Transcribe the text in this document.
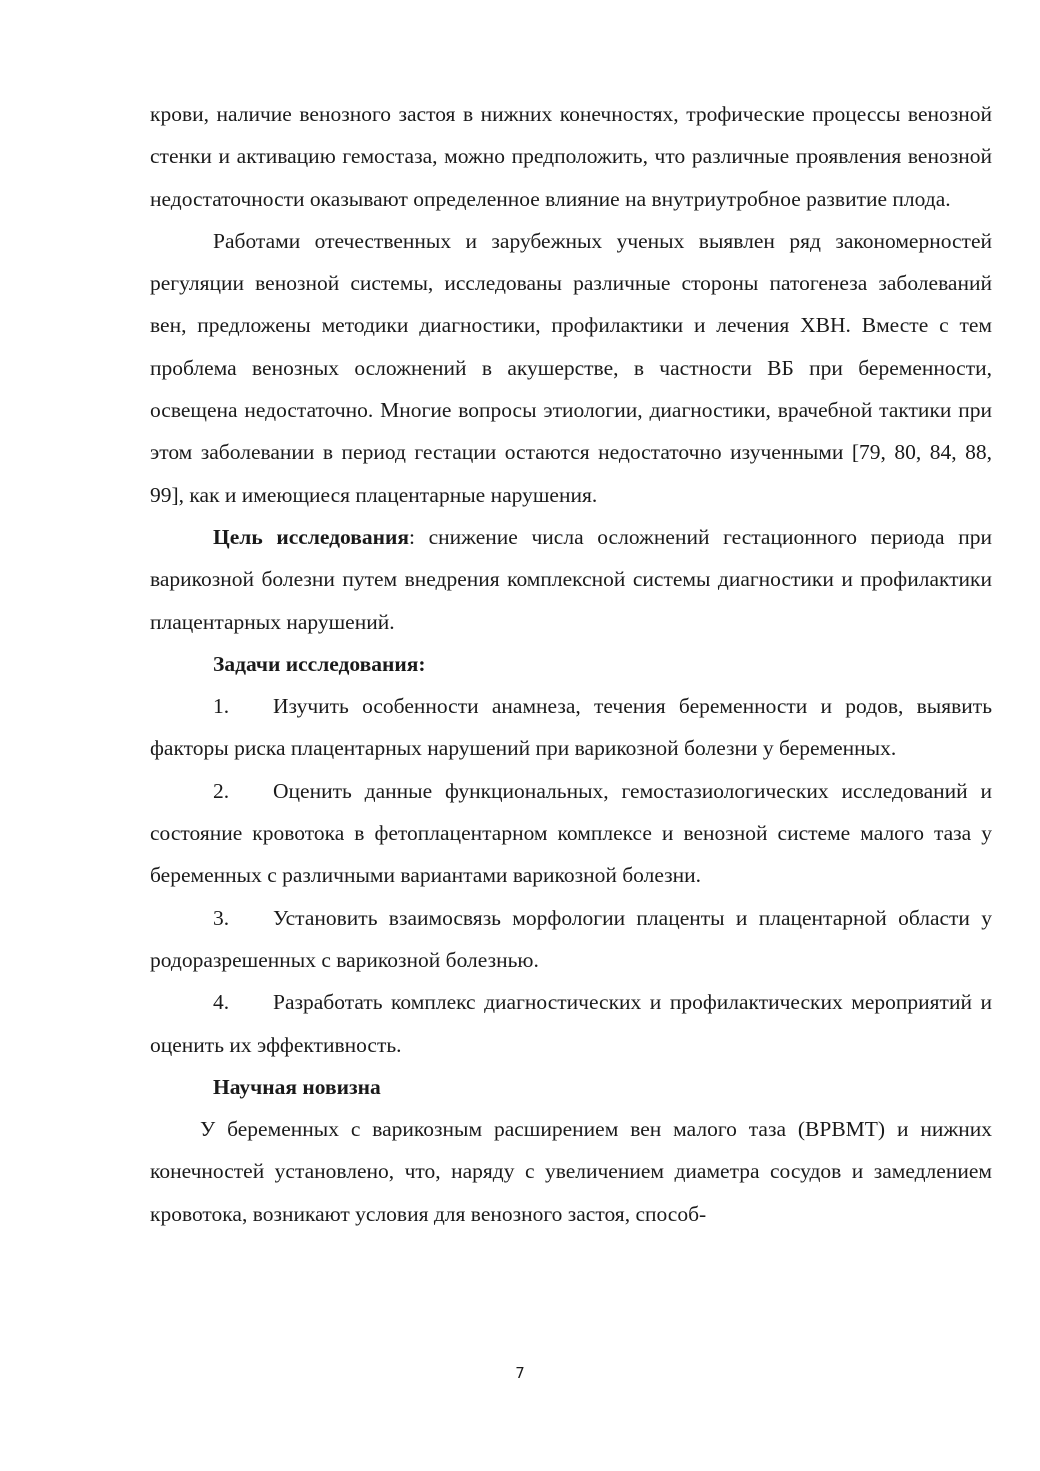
крови, наличие венозного застоя в нижних конечностях, трофические процессы венозной стенки и активацию гемостаза, можно предположить, что различные проявления венозной недостаточности оказывают определенное влияние на внутриутробное развитие плода.

Работами отечественных и зарубежных ученых выявлен ряд закономерностей регуляции венозной системы, исследованы различные стороны патогенеза заболеваний вен, предложены методики диагностики, профилактики и лечения ХВН. Вместе с тем проблема венозных осложнений в акушерстве, в частности ВБ при беременности, освещена недостаточно. Многие вопросы этиологии, диагностики, врачебной тактики при этом заболевании в период гестации остаются недостаточно изученными [79, 80, 84, 88, 99], как и имеющиеся плацентарные нарушения.

Цель исследования: снижение числа осложнений гестационного периода при варикозной болезни путем внедрения комплексной системы диагностики и профилактики плацентарных нарушений.

Задачи исследования:

1. Изучить особенности анамнеза, течения беременности и родов, выявить факторы риска плацентарных нарушений при варикозной болезни у беременных.

2. Оценить данные функциональных, гемостазиологических исследований и состояние кровотока в фетоплацентарном комплексе и венозной системе малого таза у беременных с различными вариантами варикозной болезни.

3. Установить взаимосвязь морфологии плаценты и плацентарной области у родоразрешенных с варикозной болезнью.

4. Разработать комплекс диагностических и профилактических мероприятий и оценить их эффективность.

Научная новизна

У беременных с варикозным расширением вен малого таза (ВРВМТ) и нижних конечностей установлено, что, наряду с увеличением диаметра сосудов и замедлением кровотока, возникают условия для венозного застоя, способ-

7
